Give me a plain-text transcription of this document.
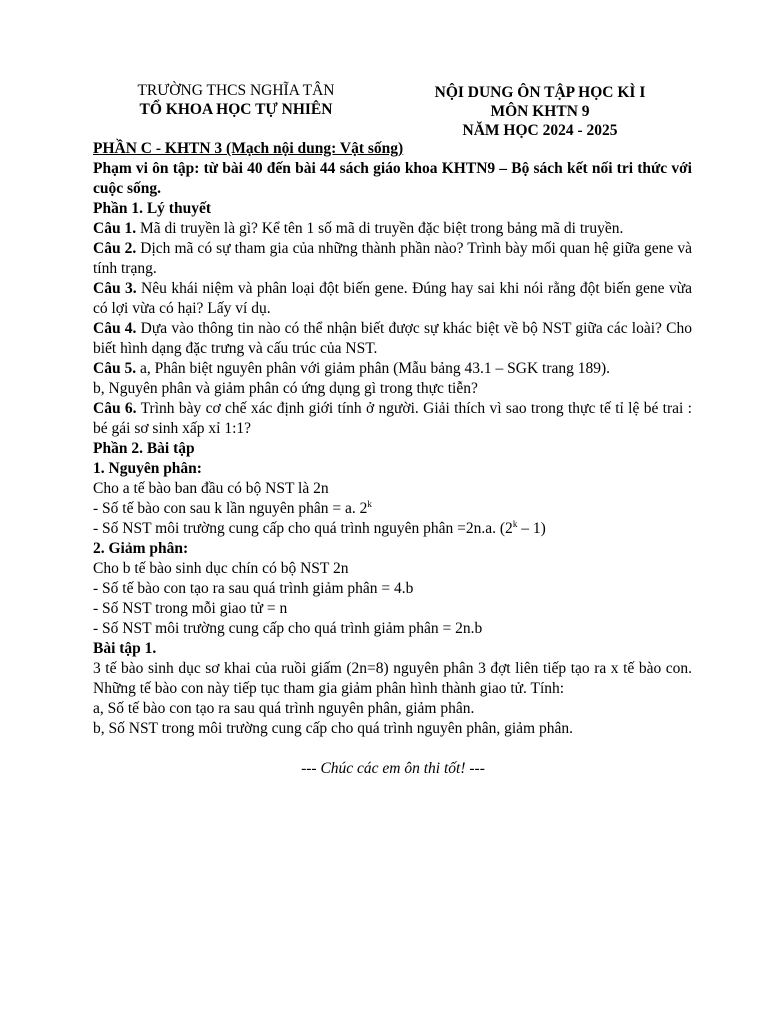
TRƯỜNG THCS NGHĨA TÂN
TỔ KHOA HỌC TỰ NHIÊN
NỘI DUNG ÔN TẬP HỌC KÌ I
MÔN KHTN 9
NĂM HỌC 2024 - 2025

PHẦN C - KHTN 3 (Mạch nội dung: Vật sống)

Phạm vi ôn tập: từ bài 40 đến bài 44 sách giáo khoa KHTN9 – Bộ sách kết nối tri thức với cuộc sống.

Phần 1. Lý thuyết

Câu 1. Mã di truyền là gì? Kể tên 1 số mã di truyền đặc biệt trong bảng mã di truyền.

Câu 2. Dịch mã có sự tham gia của những thành phần nào? Trình bày mối quan hệ giữa gene và tính trạng.

Câu 3. Nêu khái niệm và phân loại đột biến gene. Đúng hay sai khi nói rằng đột biến gene vừa có lợi vừa có hại? Lấy ví dụ.

Câu 4. Dựa vào thông tin nào có thể nhận biết được sự khác biệt về bộ NST giữa các loài? Cho biết hình dạng đặc trưng và cấu trúc của NST.

Câu 5. a, Phân biệt nguyên phân với giảm phân (Mẫu bảng 43.1 – SGK trang 189).

b, Nguyên phân và giảm phân có ứng dụng gì trong thực tiễn?

Câu 6. Trình bày cơ chế xác định giới tính ở người. Giải thích vì sao trong thực tế tỉ lệ bé trai : bé gái sơ sinh xấp xỉ 1:1?

Phần 2. Bài tập

1. Nguyên phân:

Cho a tế bào ban đầu có bộ NST là 2n

- Số tế bào con sau k lần nguyên phân = a. 2$^k$

- Số NST môi trường cung cấp cho quá trình nguyên phân =2n.a. (2$^k$ – 1)

2. Giảm phân:

Cho b tế bào sinh dục chín có bộ NST 2n

- Số tế bào con tạo ra sau quá trình giảm phân = 4.b

- Số NST trong mỗi giao tử = n

- Số NST môi trường cung cấp cho quá trình giảm phân = 2n.b

Bài tập 1.

3 tế bào sinh dục sơ khai của ruồi giấm (2n=8) nguyên phân 3 đợt liên tiếp tạo ra x tế bào con. Những tế bào con này tiếp tục tham gia giảm phân hình thành giao tử. Tính:

a, Số tế bào con tạo ra sau quá trình nguyên phân, giảm phân.

b, Số NST trong môi trường cung cấp cho quá trình nguyên phân, giảm phân.

--- Chúc các em ôn thi tốt! ---
